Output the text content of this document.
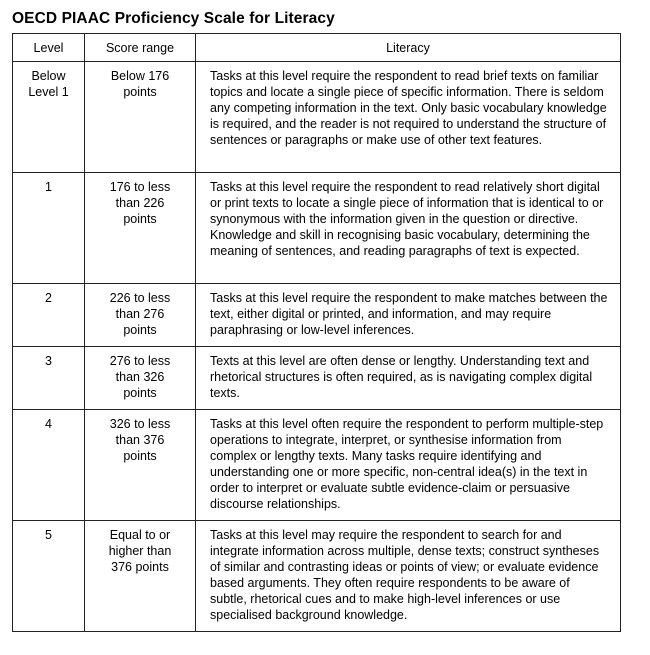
OECD PIAAC Proficiency Scale for Literacy
Level	Score range	Literacy

Below Level 1	Below 176 points	Tasks at this level require the respondent to read brief texts on familiar topics and locate a single piece of specific information. There is seldom any competing information in the text. Only basic vocabulary knowledge is required, and the reader is not required to understand the structure of sentences or paragraphs or make use of other text features.
1	176 to less than 226 points	Tasks at this level require the respondent to read relatively short digital or print texts to locate a single piece of information that is identical to or synonymous with the information given in the question or directive. Knowledge and skill in recognising basic vocabulary, determining the meaning of sentences, and reading paragraphs of text is expected.
2	226 to less than 276 points	Tasks at this level require the respondent to make matches between the text, either digital or printed, and information, and may require paraphrasing or low-level inferences.
3	276 to less than 326 points	Texts at this level are often dense or lengthy. Understanding text and rhetorical structures is often required, as is navigating complex digital texts.
4	326 to less than 376 points	Tasks at this level often require the respondent to perform multiple-step operations to integrate, interpret, or synthesise information from complex or lengthy texts. Many tasks require identifying and understanding one or more specific, non-central idea(s) in the text in order to interpret or evaluate subtle evidence-claim or persuasive discourse relationships.
5	Equal to or higher than 376 points	Tasks at this level may require the respondent to search for and integrate information across multiple, dense texts; construct syntheses of similar and contrasting ideas or points of view; or evaluate evidence based arguments. They often require respondents to be aware of subtle, rhetorical cues and to make high-level inferences or use specialised background knowledge.
